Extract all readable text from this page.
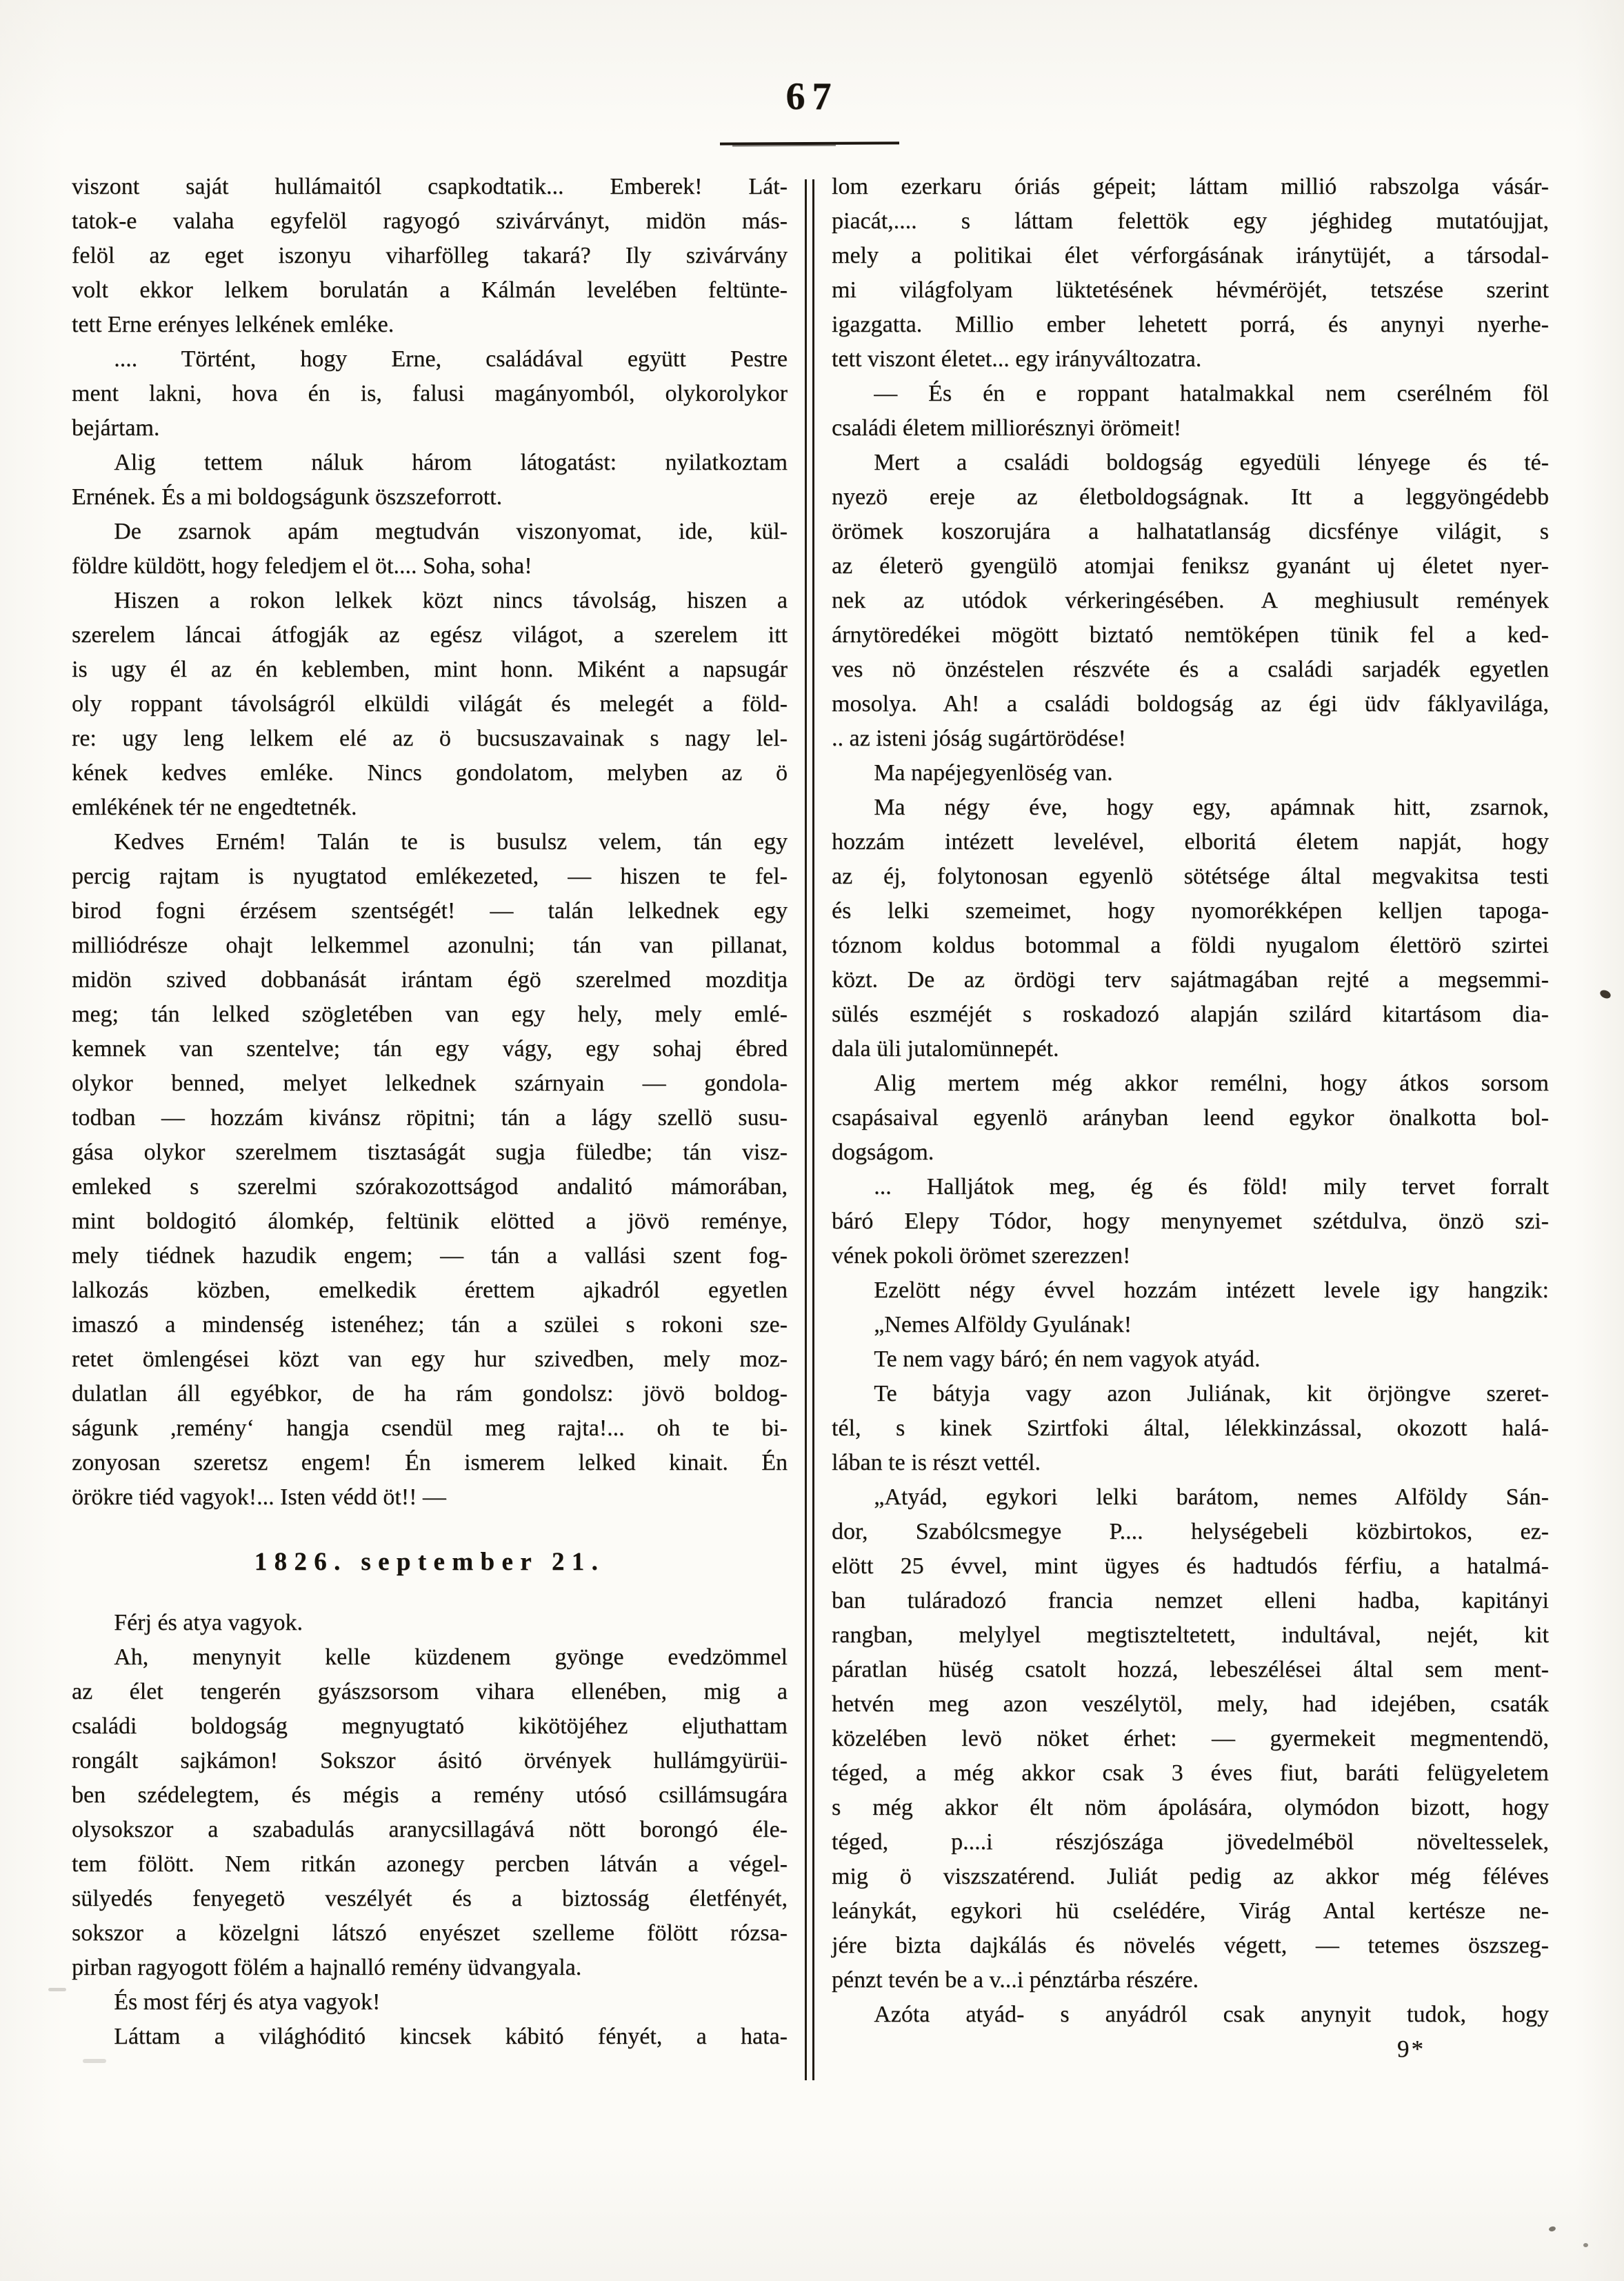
67
viszont saját hullámaitól csapkodtatik... Emberek! Lát-
tatok-e valaha egyfelöl ragyogó szivárványt, midön más-
felöl az eget iszonyu viharfölleg takará? Ily szivárvány
volt ekkor lelkem borulatán a Kálmán levelében feltünte-
tett Erne erényes lelkének emléke.
.... Történt, hogy Erne, családával együtt Pestre
ment lakni, hova én is, falusi magányomból, olykorolykor
bejártam.
Alig tettem náluk három látogatást: nyilatkoztam
Ernének. És a mi boldogságunk öszszeforrott.
De zsarnok apám megtudván viszonyomat, ide, kül-
földre küldött, hogy feledjem el öt.... Soha, soha!
Hiszen a rokon lelkek közt nincs távolság, hiszen a
szerelem láncai átfogják az egész világot, a szerelem itt
is ugy él az én keblemben, mint honn. Miként a napsugár
oly roppant távolságról elküldi világát és melegét a föld-
re: ugy leng lelkem elé az ö bucsuszavainak s nagy lel-
kének kedves emléke. Nincs gondolatom, melyben az ö
emlékének tér ne engedtetnék.
Kedves Erném! Talán te is busulsz velem, tán egy
percig rajtam is nyugtatod emlékezeted, — hiszen te fel-
birod fogni érzésem szentségét! — talán lelkednek egy
milliódrésze ohajt lelkemmel azonulni; tán van pillanat,
midön szived dobbanását irántam égö szerelmed mozditja
meg; tán lelked szögletében van egy hely, mely emlé-
kemnek van szentelve; tán egy vágy, egy sohaj ébred
olykor benned, melyet lelkednek szárnyain — gondola-
todban — hozzám kivánsz röpitni; tán a lágy szellö susu-
gása olykor szerelmem tisztaságát sugja füledbe; tán visz-
emleked s szerelmi szórakozottságod andalitó mámorában,
mint boldogitó álomkép, feltünik elötted a jövö reménye,
mely tiédnek hazudik engem; — tán a vallási szent fog-
lalkozás közben, emelkedik érettem ajkadról egyetlen
imaszó a mindenség istenéhez; tán a szülei s rokoni sze-
retet ömlengései közt van egy hur szivedben, mely moz-
dulatlan áll egyébkor, de ha rám gondolsz: jövö boldog-
ságunk ,remény‘ hangja csendül meg rajta!... oh te bi-
zonyosan szeretsz engem! Én ismerem lelked kinait. Én
örökre tiéd vagyok!... Isten védd öt!! —
1826. september 21.
Férj és atya vagyok.
Ah, menynyit kelle küzdenem gyönge evedzömmel
az élet tengerén gyászsorsom vihara ellenében, mig a
családi boldogság megnyugtató kikötöjéhez eljuthattam
rongált sajkámon! Sokszor ásitó örvények hullámgyürüi-
ben szédelegtem, és mégis a remény utósó csillámsugára
olysokszor a szabadulás aranycsillagává nött borongó éle-
tem fölött. Nem ritkán azonegy percben látván a végel-
sülyedés fenyegetö veszélyét és a biztosság életfényét,
sokszor a közelgni látszó enyészet szelleme fölött rózsa-
pirban ragyogott fölém a hajnalló remény üdvangyala.
És most férj és atya vagyok!
Láttam a világhóditó kincsek kábitó fényét, a hata-
lom ezerkaru óriás gépeit; láttam millió rabszolga vásár-
piacát,.... s láttam felettök egy jéghideg mutatóujjat,
mely a politikai élet vérforgásának iránytüjét, a társodal-
mi világfolyam lüktetésének hévméröjét, tetszése szerint
igazgatta. Millio ember lehetett porrá, és anynyi nyerhe-
tett viszont életet... egy irányváltozatra.
— És én e roppant hatalmakkal nem cserélném föl
családi életem milliorésznyi örömeit!
Mert a családi boldogság egyedüli lényege és té-
nyezö ereje az életboldogságnak. Itt a leggyöngédebb
örömek koszorujára a halhatatlanság dicsfénye világit, s
az életerö gyengülö atomjai feniksz gyanánt uj életet nyer-
nek az utódok vérkeringésében. A meghiusult remények
árnytöredékei mögött biztató nemtöképen tünik fel a ked-
ves nö önzéstelen részvéte és a családi sarjadék egyetlen
mosolya. Ah! a családi boldogság az égi üdv fáklyavilága,
.. az isteni jóság sugártörödése!
Ma napéjegyenlöség van.
Ma négy éve, hogy egy, apámnak hitt, zsarnok,
hozzám intézett levelével, elboritá életem napját, hogy
az éj, folytonosan egyenlö sötétsége által megvakitsa testi
és lelki szemeimet, hogy nyomorékképen kelljen tapoga-
tóznom koldus botommal a földi nyugalom élettörö szirtei
közt. De az ördögi terv sajátmagában rejté a megsemmi-
sülés eszméjét s roskadozó alapján szilárd kitartásom dia-
dala üli jutalomünnepét.
Alig mertem még akkor remélni, hogy átkos sorsom
csapásaival egyenlö arányban leend egykor önalkotta bol-
dogságom.
... Halljátok meg, ég és föld! mily tervet forralt
báró Elepy Tódor, hogy menynyemet szétdulva, önzö szi-
vének pokoli örömet szerezzen!
Ezelött négy évvel hozzám intézett levele igy hangzik:
„Nemes Alföldy Gyulának!
Te nem vagy báró; én nem vagyok atyád.
Te bátyja vagy azon Juliának, kit örjöngve szeret-
tél, s kinek Szirtfoki által, lélekkinzással, okozott halá-
lában te is részt vettél.
„Atyád, egykori lelki barátom, nemes Alföldy Sán-
dor, Szabólcsmegye P.... helységebeli közbirtokos, ez-
elött 25 évvel, mint ügyes és hadtudós férfiu, a hatalmá-
ban tuláradozó francia nemzet elleni hadba, kapitányi
rangban, melylyel megtiszteltetett, indultával, nejét, kit
páratlan hüség csatolt hozzá, lebeszélései által sem ment-
hetvén meg azon veszélytöl, mely, had idejében, csaták
közelében levö nöket érhet: — gyermekeit megmentendö,
téged, a még akkor csak 3 éves fiut, baráti felügyeletem
s még akkor élt nöm ápolására, olymódon bizott, hogy
téged, p....i részjószága jövedelméböl növeltesselek,
mig ö viszszatérend. Juliát pedig az akkor még féléves
leánykát, egykori hü cselédére, Virág Antal kertésze ne-
jére bizta dajkálás és növelés végett, — tetemes öszszeg-
pénzt tevén be a v...i pénztárba részére.
Azóta atyád- s anyádról csak anynyit tudok, hogy
9*
